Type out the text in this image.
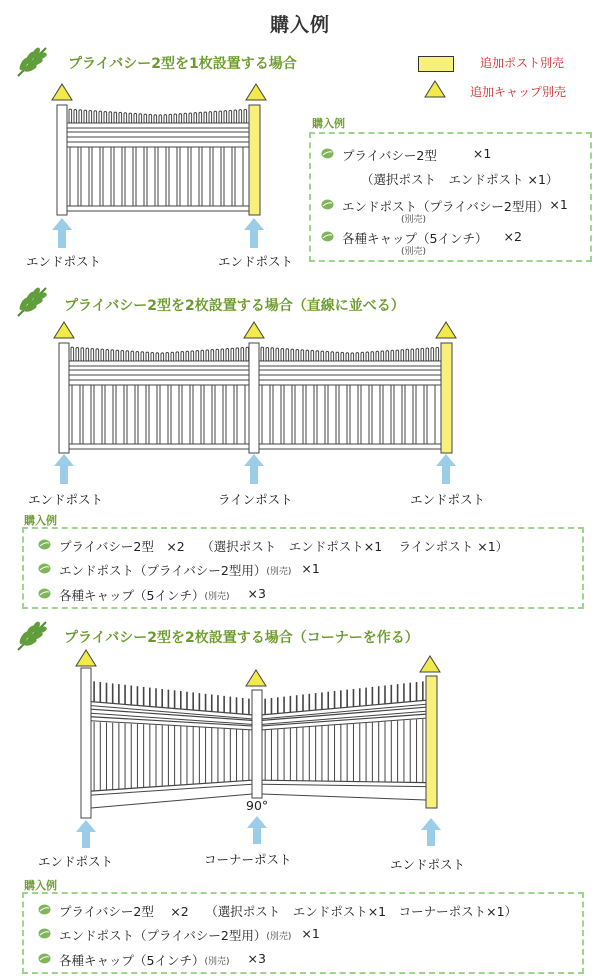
購入例
追加ポスト別売
追加キャップ別売
プライバシー2型を1枚設置する場合
エンドポスト	エンドポスト
購入例
プライバシー2型	×1
（選択ポスト　エンドポスト ×1）
エンドポスト（プライバシー2型用） ×1
(別売)
各種キャップ（5インチ） ×2
(別売)
プライバシー2型を2枚設置する場合（直線に並べる）
エンドポスト	ラインポスト	エンドポスト
購入例
プライバシー2型　×2　 （選択ポスト　エンドポスト×1　 ラインポスト ×1）
エンドポスト（プライバシー2型用） (別売) ×1
各種キャップ（5インチ） (別売) ×3
プライバシー2型を2枚設置する場合（コーナーを作る）
90°
エンドポスト	コーナーポスト	エンドポスト
購入例
プライバシー2型　 ×2　 （選択ポスト　エンドポスト×1　コーナーポスト×1）
エンドポスト（プライバシー2型用） (別売) ×1
各種キャップ（5インチ） (別売) ×3
